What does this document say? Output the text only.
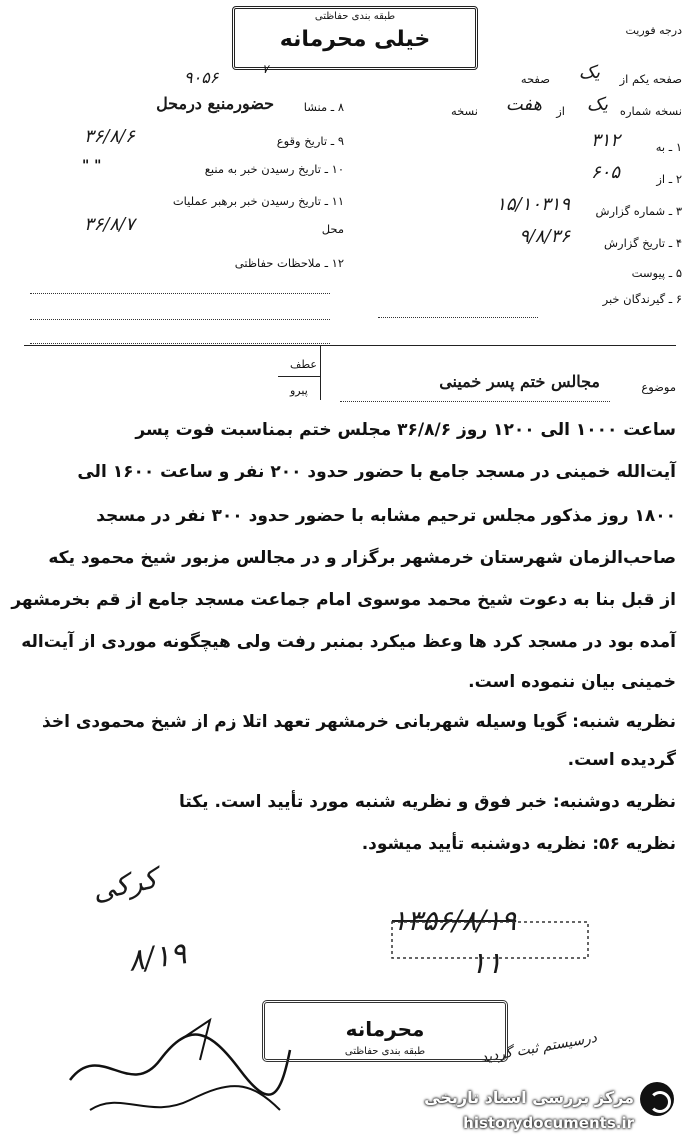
درجه فوریت
طبقه بندی حفاظتی
خیلی محرمانه
۹۰۵۶	۷
صفحه یکم از
یک
صفحه
نسخه شماره
یک
از
هفت
نسخه
۱ ـ به
۳۱۲
۲ ـ از
۶۰۵
۳ ـ شماره گزارش
۱۵/۱۰۳۱۹
۴ ـ تاریخ گزارش
۹/۸/۳۶
۵ ـ پیوست
۶ ـ گیرندگان خبر
۸ ـ منشا
حضورمنبع درمحل
۹ ـ تاریخ وقوع
۳۶/۸/۶
۱۰ ـ تاریخ رسیدن خبر به منبع
" "
۱۱ ـ تاریخ رسیدن خبر برهبر عملیات
محل
۳۶/۸/۷
۱۲ ـ ملاحظات حفاظتی
عطف
پیرو	موضوع
مجالس ختم پسر خمینی
ساعت ۱۰۰۰ الی ۱۲۰۰ روز ۳۶/۸/۶ مجلس ختم بمناسبت فوت پسر
آیت‌الله خمینی در مسجد جامع با حضور حدود ۲۰۰ نفر و ساعت ۱۶۰۰ الی
۱۸۰۰ روز مذکور مجلس ترحیم مشابه با حضور حدود ۳۰۰ نفر در مسجد
صاحب‌الزمان شهرستان خرمشهر برگزار و در مجالس مزبور شیخ محمود یکه
از قبل بنا به دعوت شیخ محمد موسوی امام جماعت مسجد جامع از قم بخرمشهر
آمده بود در مسجد کرد ها وعظ میکرد بمنبر رفت ولی هیچگونه موردی از آیت‌اله
خمینی بیان ننموده است.
نظریه شنبه: گویا وسیله شهربانی خرمشهر تعهد اتلا زم از شیخ محمودی اخذ
گردیده است.
نظریه دوشنبه: خبر فوق و نظریه شنبه مورد تأیید است. یکتا
نظریه ۵۶: نظریه دوشنبه تأیید میشود. ‌
کرکی
۸/۱۹
۱۳۵۶/۸/۱۹
۱۱
درسیستم ثبت گردید
محرمانه
طبقه بندی حفاظتی
مرکز بررسی اسناد تاریخی
historydocuments.ir
